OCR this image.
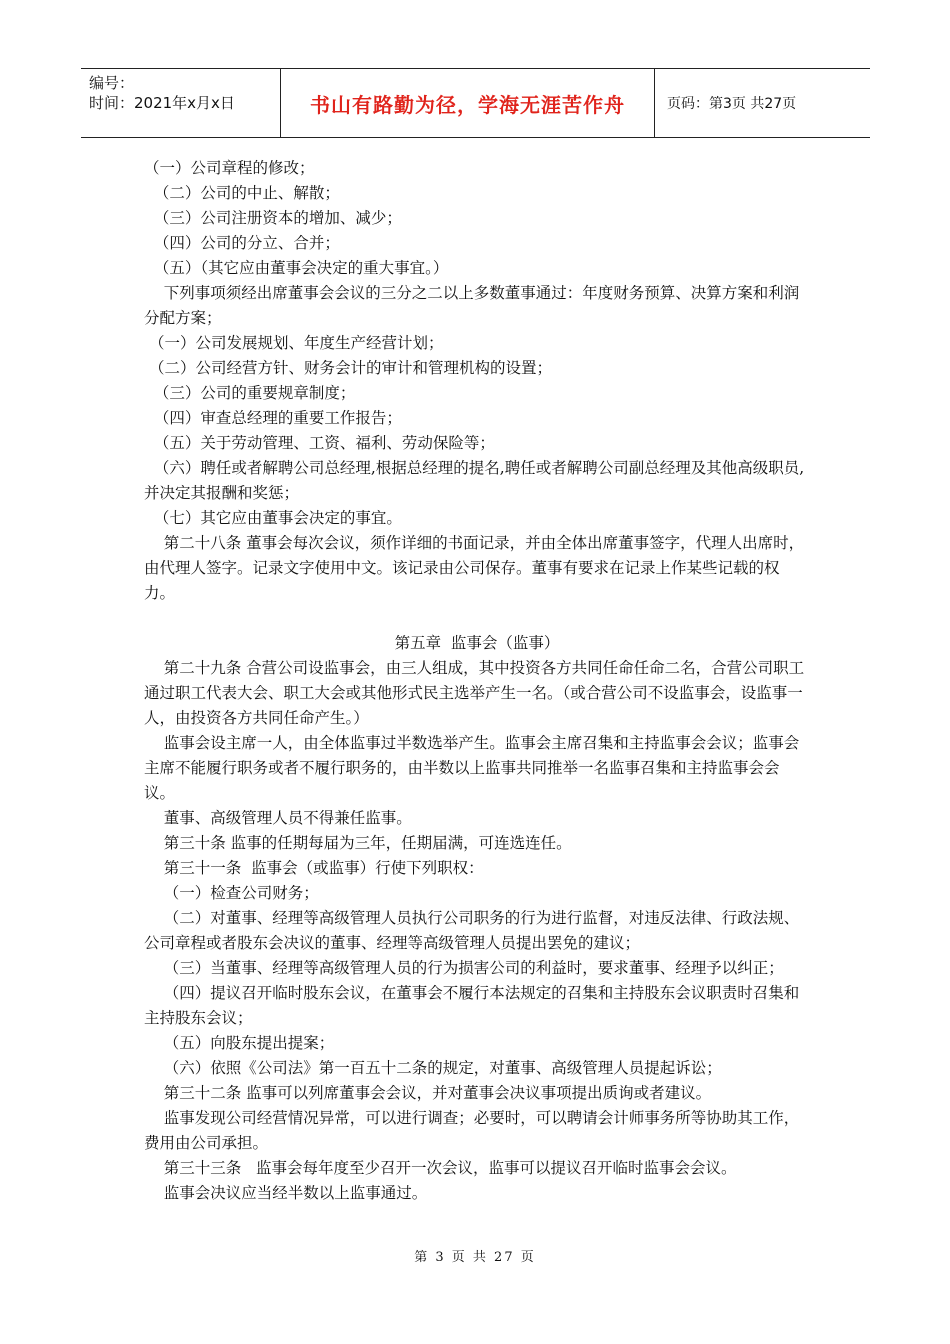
编号：
时间：2021年x月x日	书山有路勤为径，学海无涯苦作舟	页码：第3页 共27页

（一）公司章程的修改；

（二）公司的中止、解散；

（三）公司注册资本的增加、减少；

（四）公司的分立、合并；

（五）（其它应由董事会决定的重大事宜。）

下列事项须经出席董事会会议的三分之二以上多数董事通过：年度财务预算、决算方案和利润分配方案；

（一）公司发展规划、年度生产经营计划；

（二）公司经营方针、财务会计的审计和管理机构的设置；

（三）公司的重要规章制度；

（四）审查总经理的重要工作报告；

（五）关于劳动管理、工资、福利、劳动保险等；

（六）聘任或者解聘公司总经理,根据总经理的提名,聘任或者解聘公司副总经理及其他高级职员,并决定其报酬和奖惩；

（七）其它应由董事会决定的事宜。

第二十八条 董事会每次会议，须作详细的书面记录，并由全体出席董事签字，代理人出席时，由代理人签字。记录文字使用中文。该记录由公司保存。董事有要求在记录上作某些记载的权力。

第五章  监事会（监事）

第二十九条 合营公司设监事会，由三人组成，其中投资各方共同任命任命二名，合营公司职工通过职工代表大会、职工大会或其他形式民主选举产生一名。（或合营公司不设监事会，设监事一人，由投资各方共同任命产生。）

监事会设主席一人，由全体监事过半数选举产生。监事会主席召集和主持监事会会议；监事会主席不能履行职务或者不履行职务的，由半数以上监事共同推举一名监事召集和主持监事会会议。

董事、高级管理人员不得兼任监事。

第三十条 监事的任期每届为三年，任期届满，可连选连任。

第三十一条  监事会（或监事）行使下列职权：

（一）检查公司财务；

（二）对董事、经理等高级管理人员执行公司职务的行为进行监督，对违反法律、行政法规、公司章程或者股东会决议的董事、经理等高级管理人员提出罢免的建议；

（三）当董事、经理等高级管理人员的行为损害公司的利益时，要求董事、经理予以纠正；

（四）提议召开临时股东会议，在董事会不履行本法规定的召集和主持股东会议职责时召集和主持股东会议；

（五）向股东提出提案；

（六）依照《公司法》第一百五十二条的规定，对董事、高级管理人员提起诉讼；

第三十二条 监事可以列席董事会会议，并对董事会决议事项提出质询或者建议。

监事发现公司经营情况异常，可以进行调查；必要时，可以聘请会计师事务所等协助其工作，费用由公司承担。

第三十三条   监事会每年度至少召开一次会议，监事可以提议召开临时监事会会议。

监事会决议应当经半数以上监事通过。

第 3 页 共 27 页
